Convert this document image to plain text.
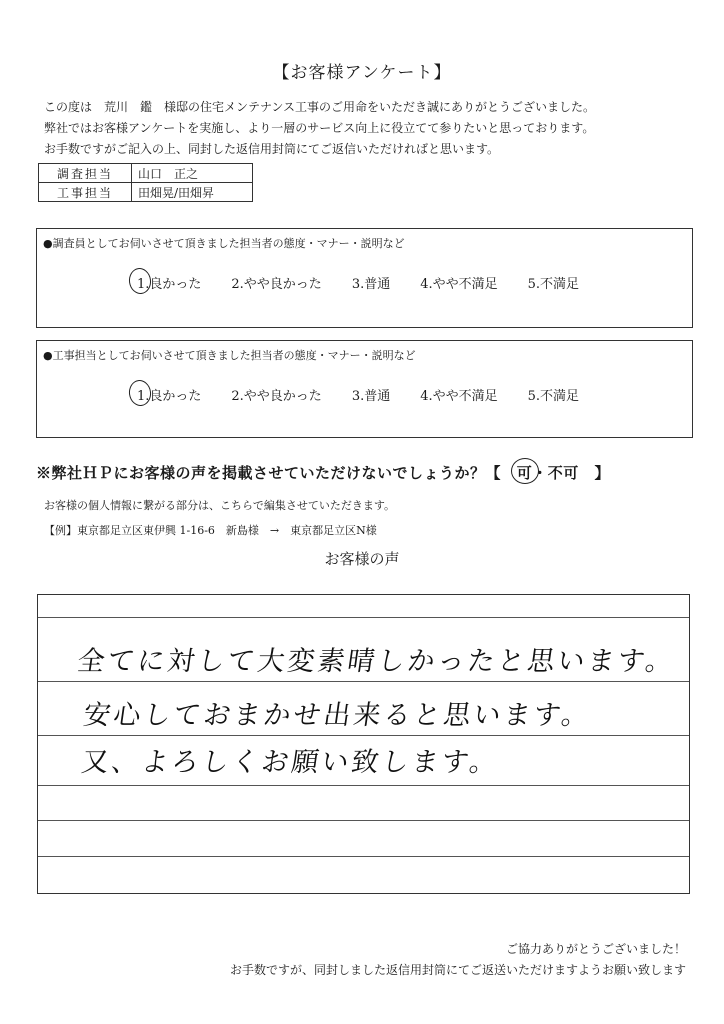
【お客様アンケート】
この度は　荒川　鑑　様邸の住宅メンテナンス工事のご用命をいただき誠にありがとうございました。
弊社ではお客様アンケートを実施し、より一層のサービス向上に役立てて参りたいと思っております。
お手数ですがご記入の上、同封した返信用封筒にてご返信いただければと思います。
調査担当	山口　正之
工事担当	田畑晃/田畑昇
●調査員としてお伺いさせて頂きました担当者の態度・マナー・説明など
1.良かった 2.やや良かった 3.普通 4.やや不満足 5.不満足
●工事担当としてお伺いさせて頂きました担当者の態度・マナー・説明など
1.良かった 2.やや良かった 3.普通 4.やや不満足 5.不満足
※弊社ＨＰにお客様の声を掲載させていただけないでしょうか？【 可・不可 】
お客様の個人情報に繋がる部分は、こちらで編集させていただきます。
【例】東京都足立区東伊興 1-16-6　新島様　→　東京都足立区N様
お客様の声
全てに対して大変素晴しかったと思います。
安心しておまかせ出来ると思います。
又、よろしくお願い致します。
ご協力ありがとうございました！
お手数ですが、同封しました返信用封筒にてご返送いただけますようお願い致します
